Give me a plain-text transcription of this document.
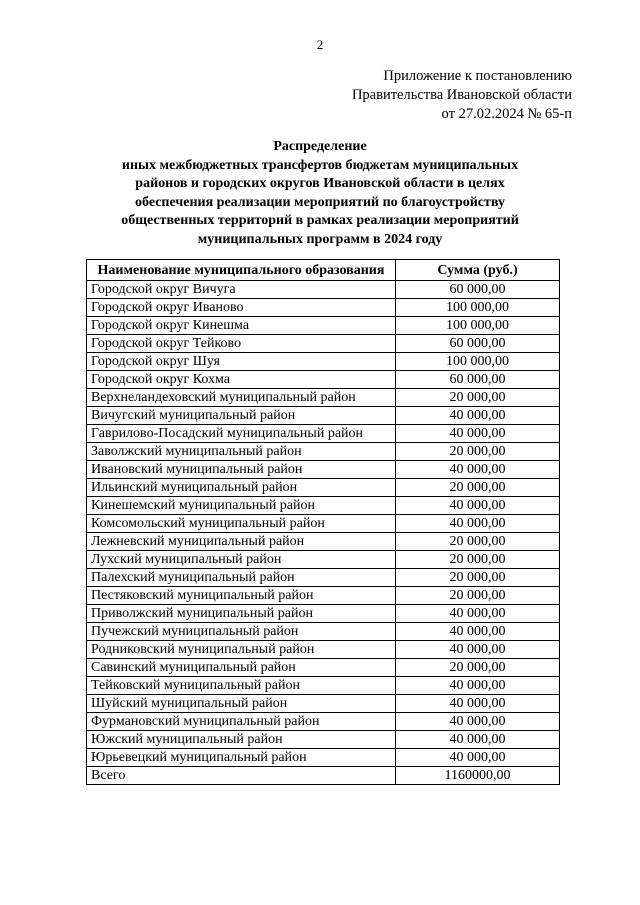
2
Приложение к постановлению
Правительства Ивановской области
от 27.02.2024 № 65-п
Распределение
иных межбюджетных трансфертов бюджетам муниципальных
районов и городских округов Ивановской области в целях
обеспечения реализации мероприятий по благоустройству
общественных территорий в рамках реализации мероприятий
муниципальных программ в 2024 году
Наименование муниципального образования	Сумма (руб.)
Городской округ Вичуга	60 000,00
Городской округ Иваново	100 000,00
Городской округ Кинешма	100 000,00
Городской округ Тейково	60 000,00
Городской округ Шуя	100 000,00
Городской округ Кохма	60 000,00
Верхнеландеховский муниципальный район	20 000,00
Вичугский муниципальный район	40 000,00
Гаврилово-Посадский муниципальный район	40 000,00
Заволжский муниципальный район	20 000,00
Ивановский муниципальный район	40 000,00
Ильинский муниципальный район	20 000,00
Кинешемский муниципальный район	40 000,00
Комсомольский муниципальный район	40 000,00
Лежневский муниципальный район	20 000,00
Лухский муниципальный район	20 000,00
Палехский муниципальный район	20 000,00
Пестяковский муниципальный район	20 000,00
Приволжский муниципальный район	40 000,00
Пучежский муниципальный район	40 000,00
Родниковский муниципальный район	40 000,00
Савинский муниципальный район	20 000,00
Тейковский муниципальный район	40 000,00
Шуйский муниципальный район	40 000,00
Фурмановский муниципальный район	40 000,00
Южский муниципальный район	40 000,00
Юрьевецкий муниципальный район	40 000,00
Всего	1160000,00
